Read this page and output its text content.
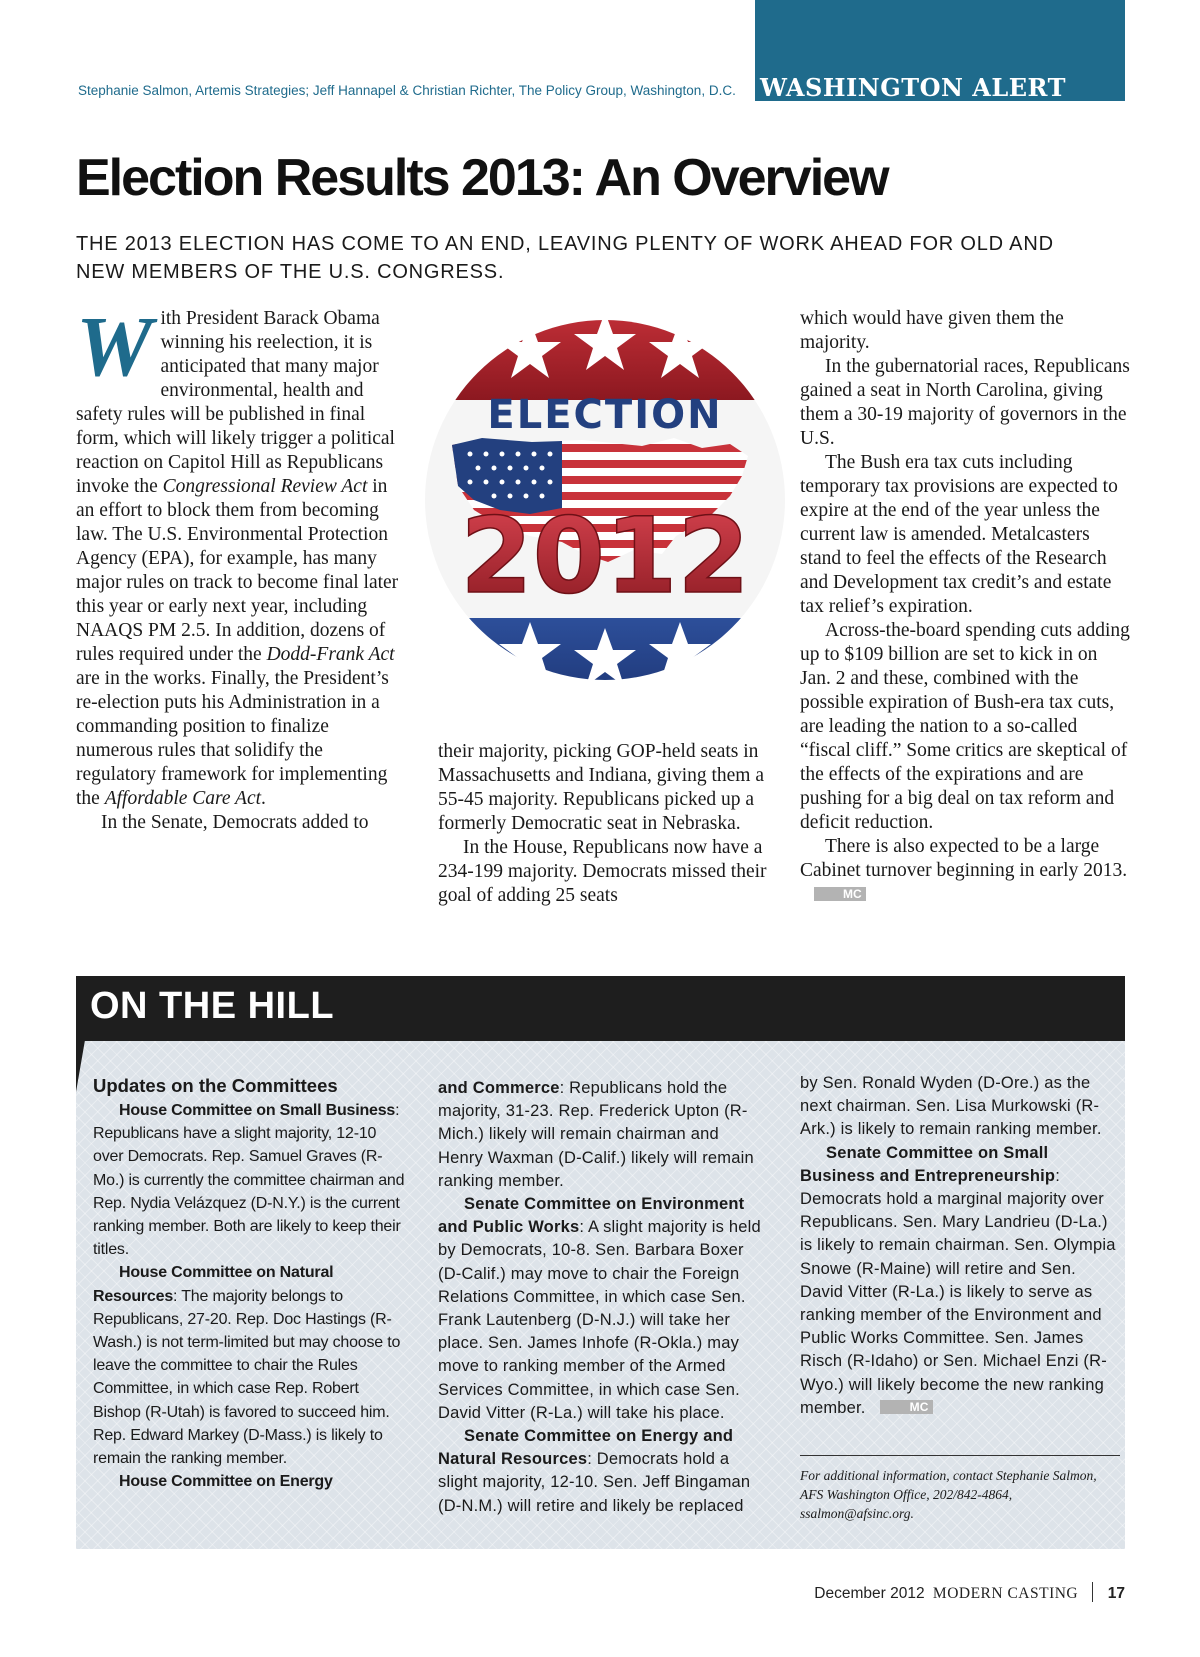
WASHINGTON ALERT
Stephanie Salmon, Artemis Strategies; Jeff Hannapel & Christian Richter, The Policy Group, Washington, D.C.
Election Results 2013: An Overview
THE 2013 ELECTION HAS COME TO AN END, LEAVING PLENTY OF WORK AHEAD FOR OLD AND NEW MEMBERS OF THE U.S. CONGRESS.

With President Barack Obama winning his reelection, it is anticipated that many major environmental, health and safety rules will be published in final form, which will likely trigger a political reaction on Capitol Hill as Republicans invoke the Congressional Review Act in an effort to block them from becoming law. The U.S. Environmental Protection Agency (EPA), for example, has many major rules on track to become final later this year or early next year, including NAAQS PM 2.5. In addition, dozens of rules required under the Dodd-Frank Act are in the works. Finally, the President’s re-election puts his Administration in a commanding position to finalize numerous rules that solidify the regulatory framework for implementing the Affordable Care Act.

In the Senate, Democrats added to

ELECTION
2012

their majority, picking GOP-held seats in Massachusetts and Indiana, giving them a 55-45 majority. Republicans picked up a formerly Democratic seat in Nebraska.

In the House, Republicans now have a 234-199 majority. Democrats missed their goal of adding 25 seats

which would have given them the majority.

In the gubernatorial races, Republicans gained a seat in North Carolina, giving them a 30-19 majority of governors in the U.S.

The Bush era tax cuts including temporary tax provisions are expected to expire at the end of the year unless the current law is amended. Metalcasters stand to feel the effects of the Research and Development tax credit’s and estate tax relief’s expiration.

Across-the-board spending cuts adding up to $109 billion are set to kick in on Jan. 2 and these, combined with the possible expiration of Bush-era tax cuts, are leading the nation to a so-called “fiscal cliff.” Some critics are skeptical of the effects of the expirations and are pushing for a big deal on tax reform and deficit reduction.

There is also expected to be a large Cabinet turnover beginning in early 2013.MC

ON THE HILL

Updates on the Committees

House Committee on Small Business: Republicans have a slight majority, 12-10 over Democrats. Rep. Samuel Graves (R-Mo.) is currently the committee chairman and Rep. Nydia Velázquez (D-N.Y.) is the current ranking member. Both are likely to keep their titles.

House Committee on Natural Resources: The majority belongs to Republicans, 27-20. Rep. Doc Hastings (R-Wash.) is not term-limited but may choose to leave the committee to chair the Rules Committee, in which case Rep. Robert Bishop (R-Utah) is favored to succeed him. Rep. Edward Markey (D-Mass.) is likely to remain the ranking member.

House Committee on Energy

and Commerce: Republicans hold the majority, 31-23. Rep. Frederick Upton (R-Mich.) likely will remain chairman and Henry Waxman (D-Calif.) likely will remain ranking member.

Senate Committee on Environment and Public Works: A slight majority is held by Democrats, 10-8. Sen. Barbara Boxer (D-Calif.) may move to chair the Foreign Relations Committee, in which case Sen. Frank Lautenberg (D-N.J.) will take her place. Sen. James Inhofe (R-Okla.) may move to ranking member of the Armed Services Committee, in which case Sen. David Vitter (R-La.) will take his place.

Senate Committee on Energy and Natural Resources: Democrats hold a slight majority, 12-10. Sen. Jeff Bingaman (D-N.M.) will retire and likely be replaced

by Sen. Ronald Wyden (D-Ore.) as the next chairman. Sen. Lisa Murkowski (R-Ark.) is likely to remain ranking member.

Senate Committee on Small Business and Entrepreneurship: Democrats hold a marginal majority over Republicans. Sen. Mary Landrieu (D-La.) is likely to remain chairman. Sen. Olympia Snowe (R-Maine) will retire and Sen. David Vitter (R-La.) is likely to serve as ranking member of the Environment and Public Works Committee. Sen. James Risch (R-Idaho) or Sen. Michael Enzi (R-Wyo.) will likely become the new ranking member.	MC

For additional information, contact Stephanie Salmon, AFS Washington Office, 202/842-4864, ssalmon@afsinc.org.
December 2012 MODERN CASTING 17
